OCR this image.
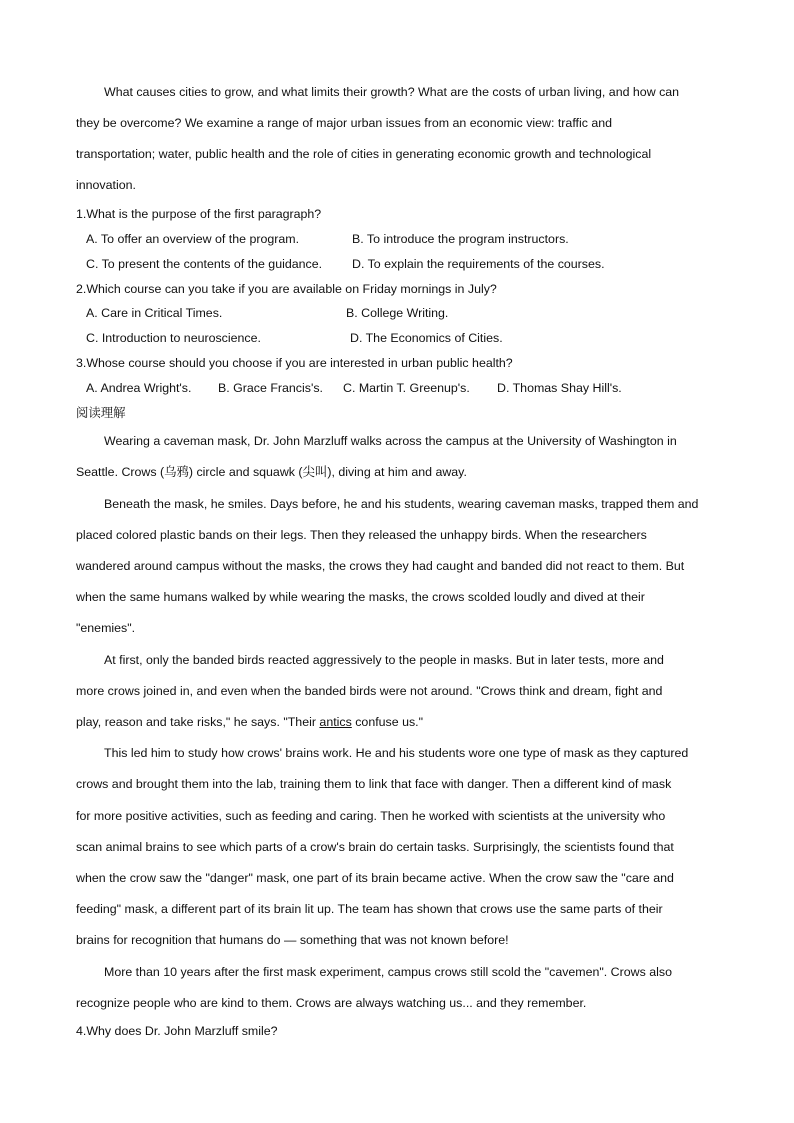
What causes cities to grow, and what limits their growth? What are the costs of urban living, and how can
they be overcome? We examine a range of major urban issues from an economic view: traffic and
transportation; water, public health and the role of cities in generating economic growth and technological
innovation.
1.What is the purpose of the first paragraph?
A. To offer an overview of the program.	B. To introduce the program instructors.
C. To present the contents of the guidance. D. To explain the requirements of the courses.
2.Which course can you take if you are available on Friday mornings in July?
A. Care in Critical Times.	B. College Writing.
C. Introduction to neuroscience.	D. The Economics of Cities.
3.Whose course should you choose if you are interested in urban public health?
A. Andrea Wright's. B. Grace Francis's. C. Martin T. Greenup's. D. Thomas Shay Hill's.
阅读理解
Wearing a caveman mask, Dr. John Marzluff walks across the campus at the University of Washington in
Seattle. Crows (乌鸦) circle and squawk (尖叫), diving at him and away.
Beneath the mask, he smiles. Days before, he and his students, wearing caveman masks, trapped them and
placed colored plastic bands on their legs. Then they released the unhappy birds. When the researchers
wandered around campus without the masks, the crows they had caught and banded did not react to them. But
when the same humans walked by while wearing the masks, the crows scolded loudly and dived at their
"enemies".
At first, only the banded birds reacted aggressively to the people in masks. But in later tests, more and
more crows joined in, and even when the banded birds were not around. "Crows think and dream, fight and
play, reason and take risks," he says. "Their antics confuse us."
This led him to study how crows' brains work. He and his students wore one type of mask as they captured
crows and brought them into the lab, training them to link that face with danger. Then a different kind of mask
for more positive activities, such as feeding and caring. Then he worked with scientists at the university who
scan animal brains to see which parts of a crow's brain do certain tasks. Surprisingly, the scientists found that
when the crow saw the "danger" mask, one part of its brain became active. When the crow saw the "care and
feeding" mask, a different part of its brain lit up. The team has shown that crows use the same parts of their
brains for recognition that humans do — something that was not known before!
More than 10 years after the first mask experiment, campus crows still scold the "cavemen". Crows also
recognize people who are kind to them. Crows are always watching us... and they remember.
4.Why does Dr. John Marzluff smile?
